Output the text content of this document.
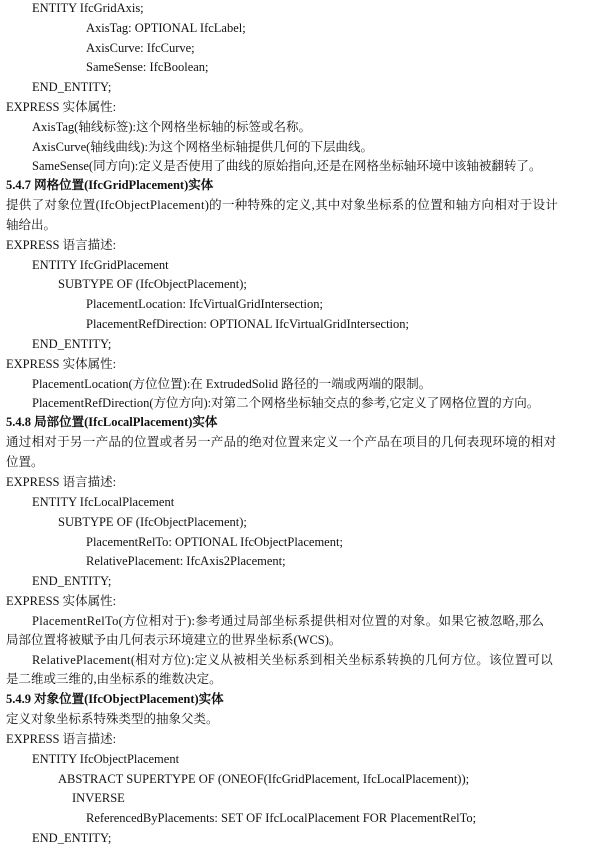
ENTITY IfcGridAxis;
AxisTag: OPTIONAL IfcLabel;
AxisCurve: IfcCurve;
SameSense: IfcBoolean;
END_ENTITY;
EXPRESS 实体属性:
AxisTag(轴线标签):这个网格坐标轴的标签或名称。
AxisCurve(轴线曲线):为这个网格坐标轴提供几何的下层曲线。
SameSense(同方向):定义是否使用了曲线的原始指向,还是在网格坐标轴环境中该轴被翻转了。
5.4.7 网格位置(IfcGridPlacement)实体
提供了对象位置(IfcObjectPlacement)的一种特殊的定义,其中对象坐标系的位置和轴方向相对于设计
轴给出。
EXPRESS 语言描述:
ENTITY IfcGridPlacement
SUBTYPE OF (IfcObjectPlacement);
PlacementLocation: IfcVirtualGridIntersection;
PlacementRefDirection: OPTIONAL IfcVirtualGridIntersection;
END_ENTITY;
EXPRESS 实体属性:
PlacementLocation(方位位置):在 ExtrudedSolid 路径的一端或两端的限制。
PlacementRefDirection(方位方向):对第二个网格坐标轴交点的参考,它定义了网格位置的方向。
5.4.8 局部位置(IfcLocalPlacement)实体
通过相对于另一产品的位置或者另一产品的绝对位置来定义一个产品在项目的几何表现环境的相对
位置。
EXPRESS 语言描述:
ENTITY IfcLocalPlacement
SUBTYPE OF (IfcObjectPlacement);
PlacementRelTo: OPTIONAL IfcObjectPlacement;
RelativePlacement: IfcAxis2Placement;
END_ENTITY;
EXPRESS 实体属性:
PlacementRelTo(方位相对于):参考通过局部坐标系提供相对位置的对象。如果它被忽略,那么
局部位置将被赋予由几何表示环境建立的世界坐标系(WCS)。
RelativePlacement(相对方位):定义从被相关坐标系到相关坐标系转换的几何方位。该位置可以
是二维或三维的,由坐标系的维数决定。
5.4.9 对象位置(IfcObjectPlacement)实体
定义对象坐标系特殊类型的抽象父类。
EXPRESS 语言描述:
ENTITY IfcObjectPlacement
ABSTRACT SUPERTYPE OF (ONEOF(IfcGridPlacement, IfcLocalPlacement));
INVERSE
ReferencedByPlacements: SET OF IfcLocalPlacement FOR PlacementRelTo;
END_ENTITY;
